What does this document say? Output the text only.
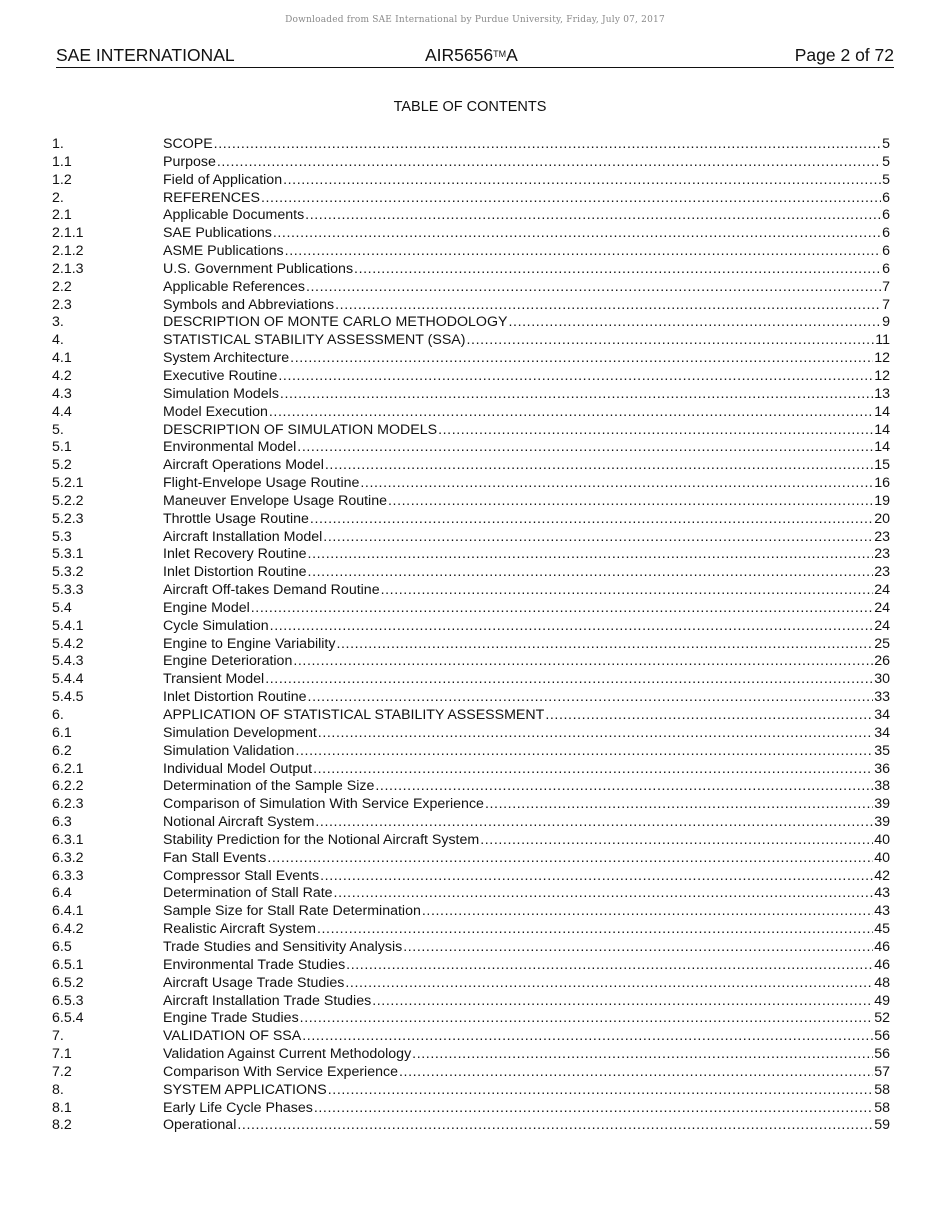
Downloaded from SAE International by Purdue University, Friday, July 07, 2017
SAE INTERNATIONAL	AIR5656™A	Page 2 of 72
TABLE OF CONTENTS
1.	SCOPE .....	5
1.1	Purpose .....	5
1.2	Field of Application .....	5
2.	REFERENCES .....	6
2.1	Applicable Documents .....	6
2.1.1	SAE Publications .....	6
2.1.2	ASME Publications .....	6
2.1.3	U.S. Government Publications .....	6
2.2	Applicable References .....	7
2.3	Symbols and Abbreviations .....	7
3.	DESCRIPTION OF MONTE CARLO METHODOLOGY .....	9
4.	STATISTICAL STABILITY ASSESSMENT (SSA) .....	11
4.1	System Architecture .....	12
4.2	Executive Routine .....	12
4.3	Simulation Models .....	13
4.4	Model Execution .....	14
5.	DESCRIPTION OF SIMULATION MODELS .....	14
5.1	Environmental Model .....	14
5.2	Aircraft Operations Model .....	15
5.2.1	Flight-Envelope Usage Routine .....	16
5.2.2	Maneuver Envelope Usage Routine .....	19
5.2.3	Throttle Usage Routine .....	20
5.3	Aircraft Installation Model .....	23
5.3.1	Inlet Recovery Routine .....	23
5.3.2	Inlet Distortion Routine .....	23
5.3.3	Aircraft Off-takes Demand Routine .....	24
5.4	Engine Model .....	24
5.4.1	Cycle Simulation .....	24
5.4.2	Engine to Engine Variability .....	25
5.4.3	Engine Deterioration .....	26
5.4.4	Transient Model .....	30
5.4.5	Inlet Distortion Routine .....	33
6.	APPLICATION OF STATISTICAL STABILITY ASSESSMENT .....	34
6.1	Simulation Development .....	34
6.2	Simulation Validation .....	35
6.2.1	Individual Model Output .....	36
6.2.2	Determination of the Sample Size .....	38
6.2.3	Comparison of Simulation With Service Experience .....	39
6.3	Notional Aircraft System .....	39
6.3.1	Stability Prediction for the Notional Aircraft System .....	40
6.3.2	Fan Stall Events .....	40
6.3.3	Compressor Stall Events .....	42
6.4	Determination of Stall Rate .....	43
6.4.1	Sample Size for Stall Rate Determination .....	43
6.4.2	Realistic Aircraft System .....	45
6.5	Trade Studies and Sensitivity Analysis .....	46
6.5.1	Environmental Trade Studies .....	46
6.5.2	Aircraft Usage Trade Studies .....	48
6.5.3	Aircraft Installation Trade Studies .....	49
6.5.4	Engine Trade Studies .....	52
7.	VALIDATION OF SSA .....	56
7.1	Validation Against Current Methodology .....	56
7.2	Comparison With Service Experience .....	57
8.	SYSTEM APPLICATIONS .....	58
8.1	Early Life Cycle Phases .....	58
8.2	Operational .....	59
